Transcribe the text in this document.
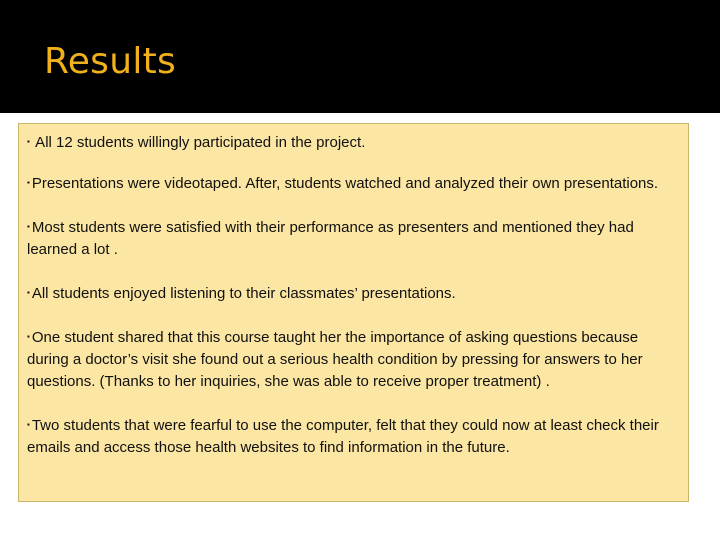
Results

▪ All 12 students willingly participated in the project.

▪ Presentations were videotaped. After, students watched and analyzed their own presentations.

▪ Most students were satisfied with their performance as presenters and mentioned they had learned a lot .

▪ All students enjoyed listening to their classmates’ presentations.

▪ One student shared that this course taught her the importance of asking questions because during a doctor’s visit she found out a serious health condition by pressing for answers to her questions. (Thanks to her inquiries, she was able to receive proper treatment) .

▪ Two students that were fearful to use the computer, felt that they could now at least check their emails and access those health websites to find information in the future.
